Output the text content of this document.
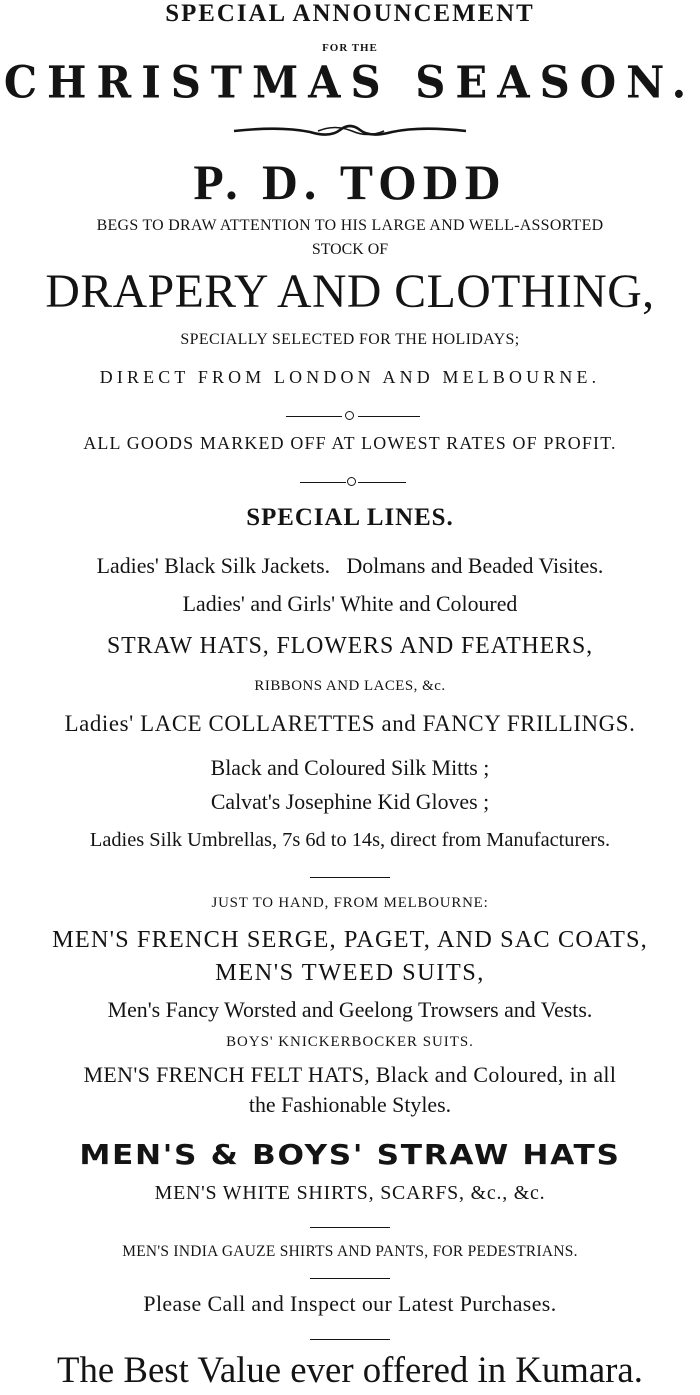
SPECIAL ANNOUNCEMENT

FOR THE

CHRISTMAS SEASON.

P. D. TODD

BEGS TO DRAW ATTENTION TO HIS LARGE AND WELL-ASSORTED

STOCK OF

DRAPERY AND CLOTHING,

SPECIALLY SELECTED FOR THE HOLIDAYS;

DIRECT FROM LONDON AND MELBOURNE.

ALL GOODS MARKED OFF AT LOWEST RATES OF PROFIT.

SPECIAL LINES.

Ladies' Black Silk Jackets.   Dolmans and Beaded Visites.

Ladies' and Girls' White and Coloured

STRAW HATS, FLOWERS AND FEATHERS,

RIBBONS AND LACES, &c.

Ladies' LACE COLLARETTES and FANCY FRILLINGS.

Black and Coloured Silk Mitts ;

Calvat's Josephine Kid Gloves ;

Ladies Silk Umbrellas, 7s 6d to 14s, direct from Manufacturers.

JUST TO HAND, FROM MELBOURNE:

MEN'S FRENCH SERGE, PAGET, AND SAC COATS,

MEN'S TWEED SUITS,

Men's Fancy Worsted and Geelong Trowsers and Vests.

BOYS' KNICKERBOCKER SUITS.

MEN'S FRENCH FELT HATS, Black and Coloured, in all

the Fashionable Styles.

MEN'S & BOYS' STRAW HATS

MEN'S WHITE SHIRTS, SCARFS, &c., &c.

MEN'S INDIA GAUZE SHIRTS AND PANTS, FOR PEDESTRIANS.

Please Call and Inspect our Latest Purchases.

The Best Value ever offered in Kumara.
